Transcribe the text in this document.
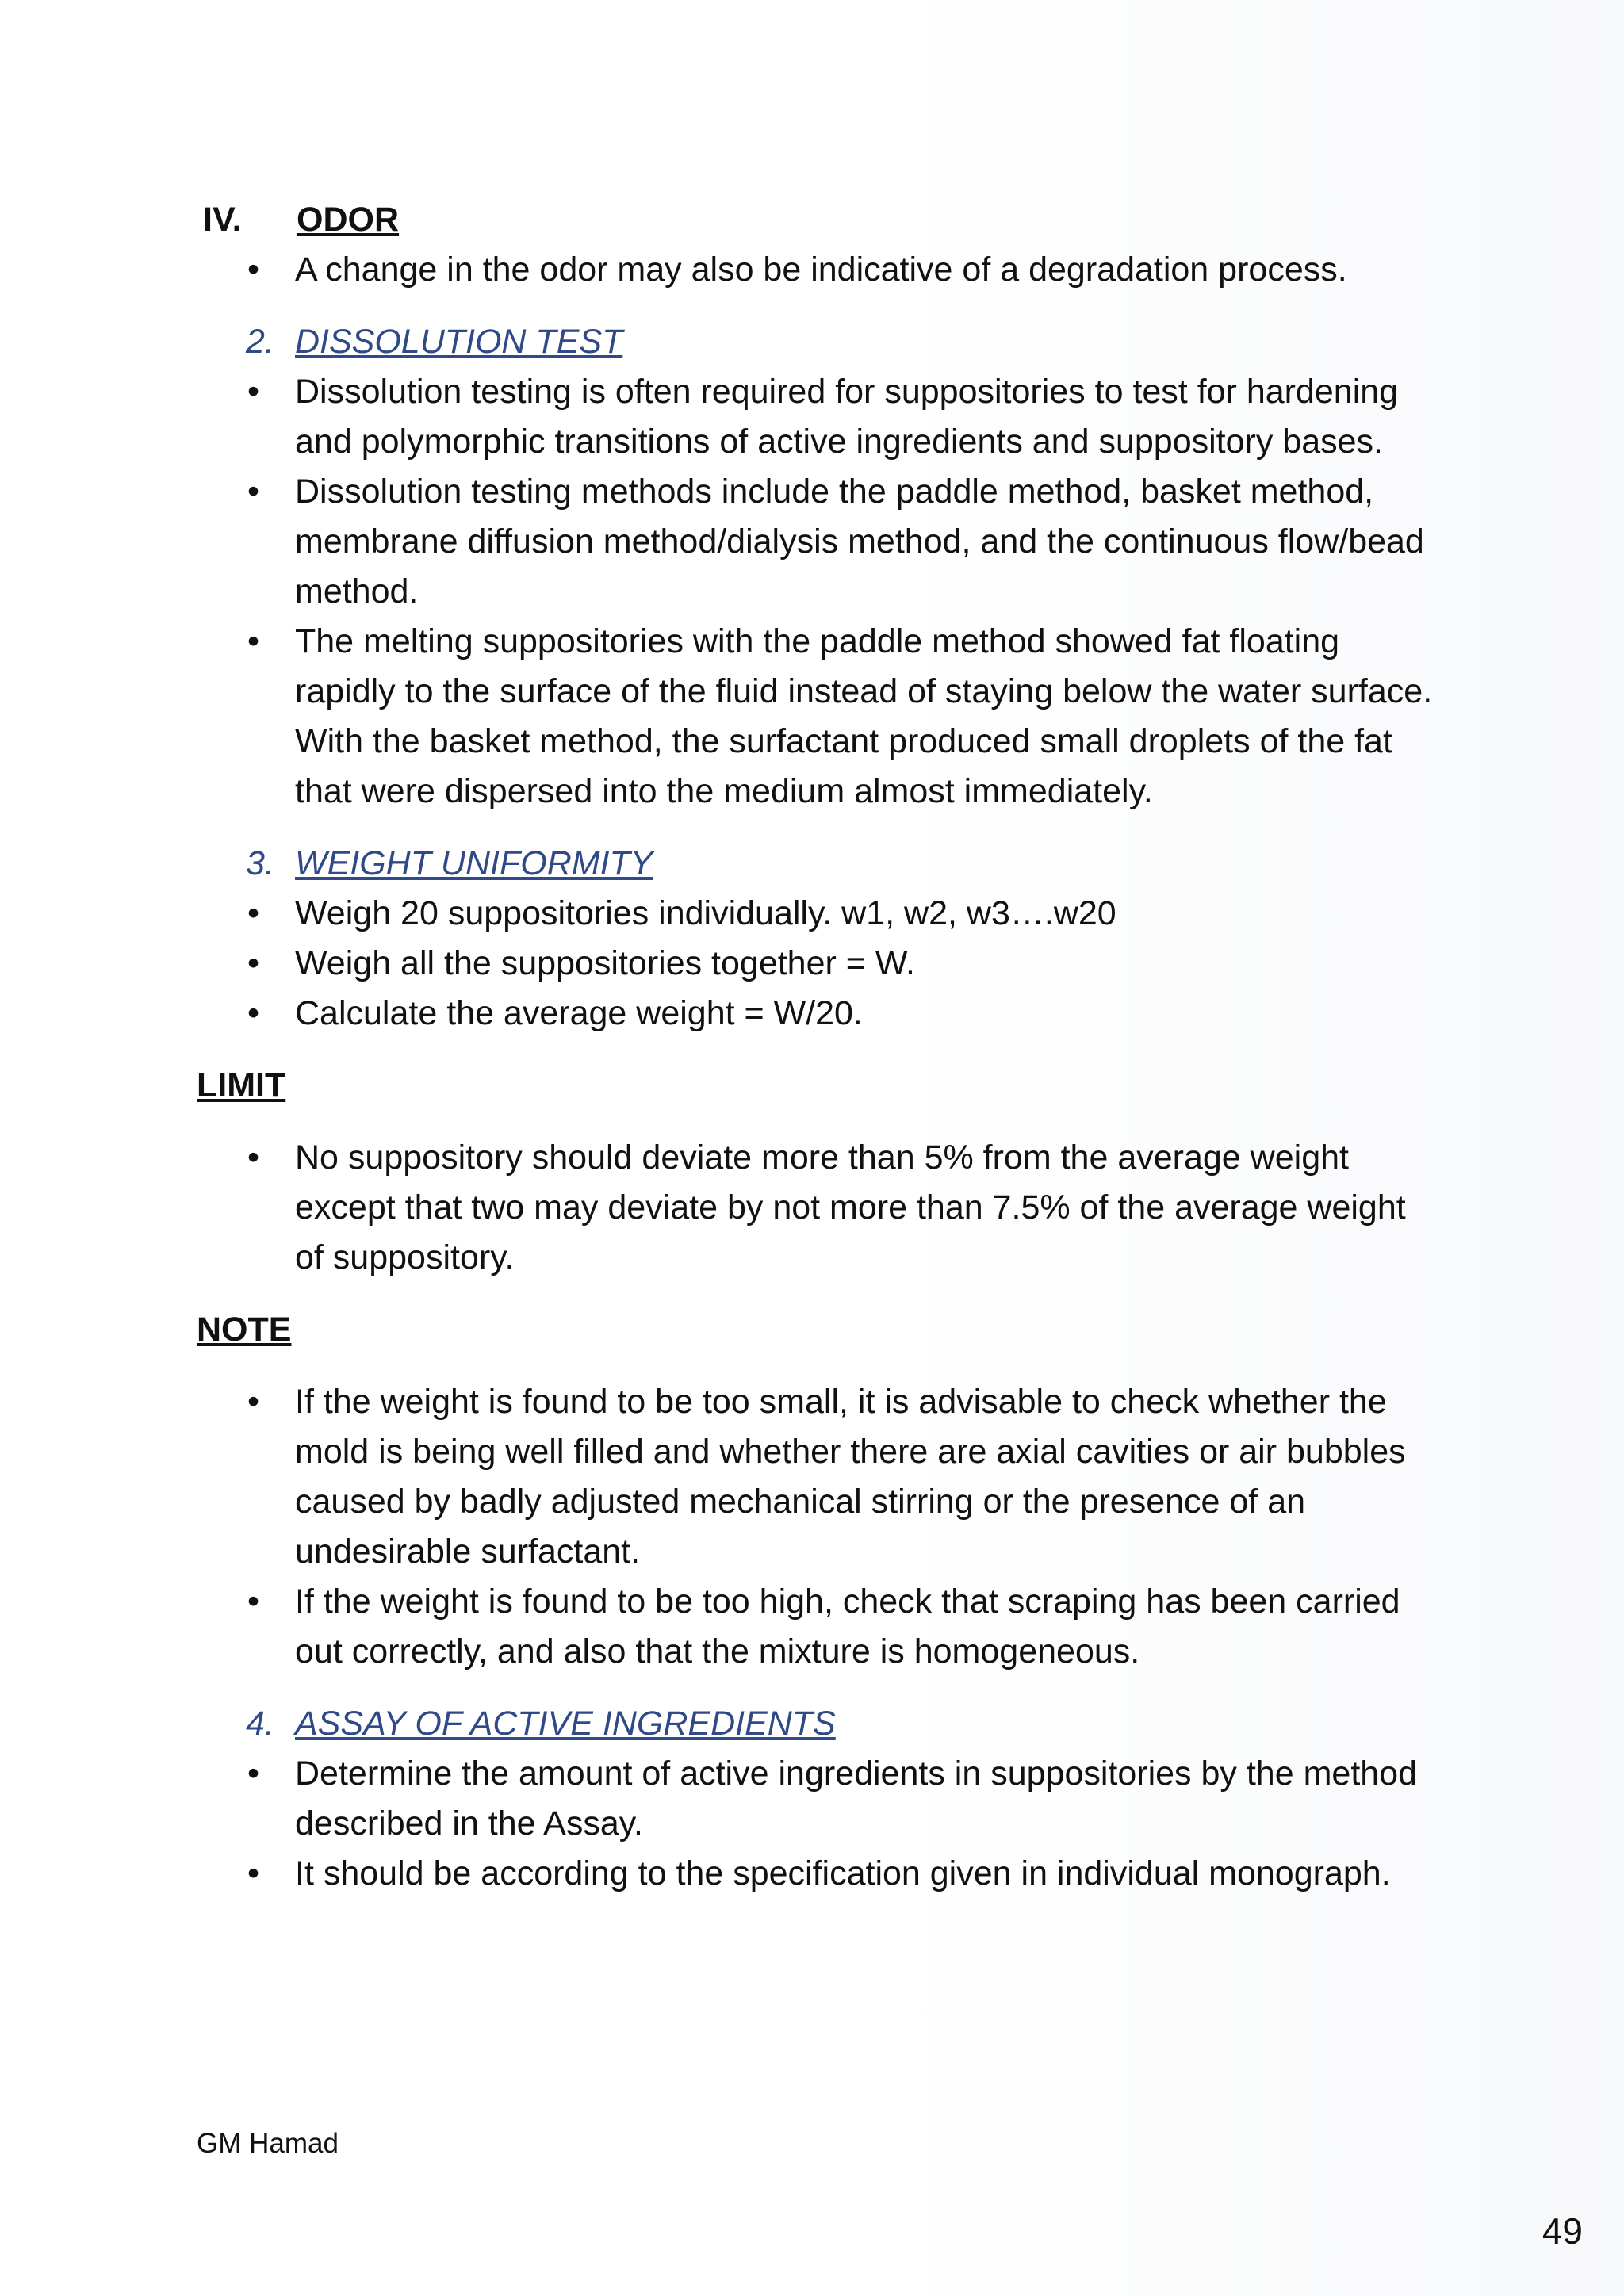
IV.	ODOR
• A change in the odor may also be indicative of a degradation process.
2. DISSOLUTION TEST
• Dissolution testing is often required for suppositories to test for hardening and polymorphic transitions of active ingredients and suppository bases.
• Dissolution testing methods include the paddle method, basket method, membrane diffusion method/dialysis method, and the continuous flow/bead method.
• The melting suppositories with the paddle method showed fat floating rapidly to the surface of the fluid instead of staying below the water surface. With the basket method, the surfactant produced small droplets of the fat that were dispersed into the medium almost immediately.
3. WEIGHT UNIFORMITY
• Weigh 20 suppositories individually. w1, w2, w3….w20
• Weigh all the suppositories together = W.
• Calculate the average weight = W/20.
LIMIT
• No suppository should deviate more than 5% from the average weight except that two may deviate by not more than 7.5% of the average weight of suppository.
NOTE
• If the weight is found to be too small, it is advisable to check whether the mold is being well filled and whether there are axial cavities or air bubbles caused by badly adjusted mechanical stirring or the presence of an undesirable surfactant.
• If the weight is found to be too high, check that scraping has been carried out correctly, and also that the mixture is homogeneous.
4. ASSAY OF ACTIVE INGREDIENTS
• Determine the amount of active ingredients in suppositories by the method described in the Assay.
• It should be according to the specification given in individual monograph.
GM Hamad
49
